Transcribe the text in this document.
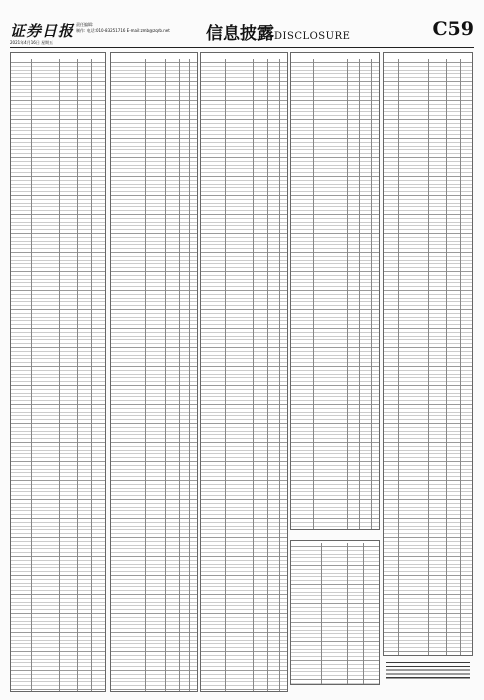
证券日报 责任编辑:
制作: 电话:010-83251716 E-mail:zmb@zqrb.net
2021年4月16日 星期五	信息披露DISCLOSURE	C59
